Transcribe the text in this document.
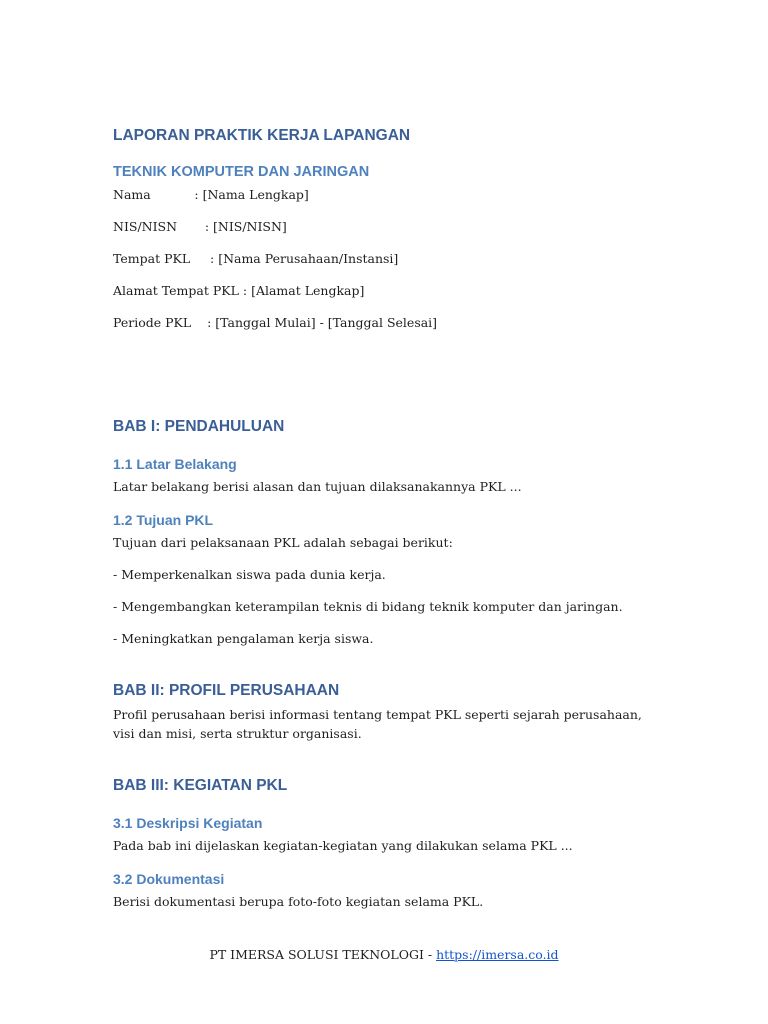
LAPORAN PRAKTIK KERJA LAPANGAN
TEKNIK KOMPUTER DAN JARINGAN

Nama           : [Nama Lengkap]

NIS/NISN       : [NIS/NISN]

Tempat PKL     : [Nama Perusahaan/Instansi]

Alamat Tempat PKL : [Alamat Lengkap]

Periode PKL    : [Tanggal Mulai] - [Tanggal Selesai]

BAB I: PENDAHULUAN
1.1 Latar Belakang

Latar belakang berisi alasan dan tujuan dilaksanakannya PKL ...

1.2 Tujuan PKL

Tujuan dari pelaksanaan PKL adalah sebagai berikut:

- Memperkenalkan siswa pada dunia kerja.

- Mengembangkan keterampilan teknis di bidang teknik komputer dan jaringan.

- Meningkatkan pengalaman kerja siswa.

BAB II: PROFIL PERUSAHAAN

Profil perusahaan berisi informasi tentang tempat PKL seperti sejarah perusahaan, visi dan misi, serta struktur organisasi.

BAB III: KEGIATAN PKL
3.1 Deskripsi Kegiatan

Pada bab ini dijelaskan kegiatan-kegiatan yang dilakukan selama PKL ...

3.2 Dokumentasi

Berisi dokumentasi berupa foto-foto kegiatan selama PKL.

PT IMERSA SOLUSI TEKNOLOGI - https://imersa.co.id
